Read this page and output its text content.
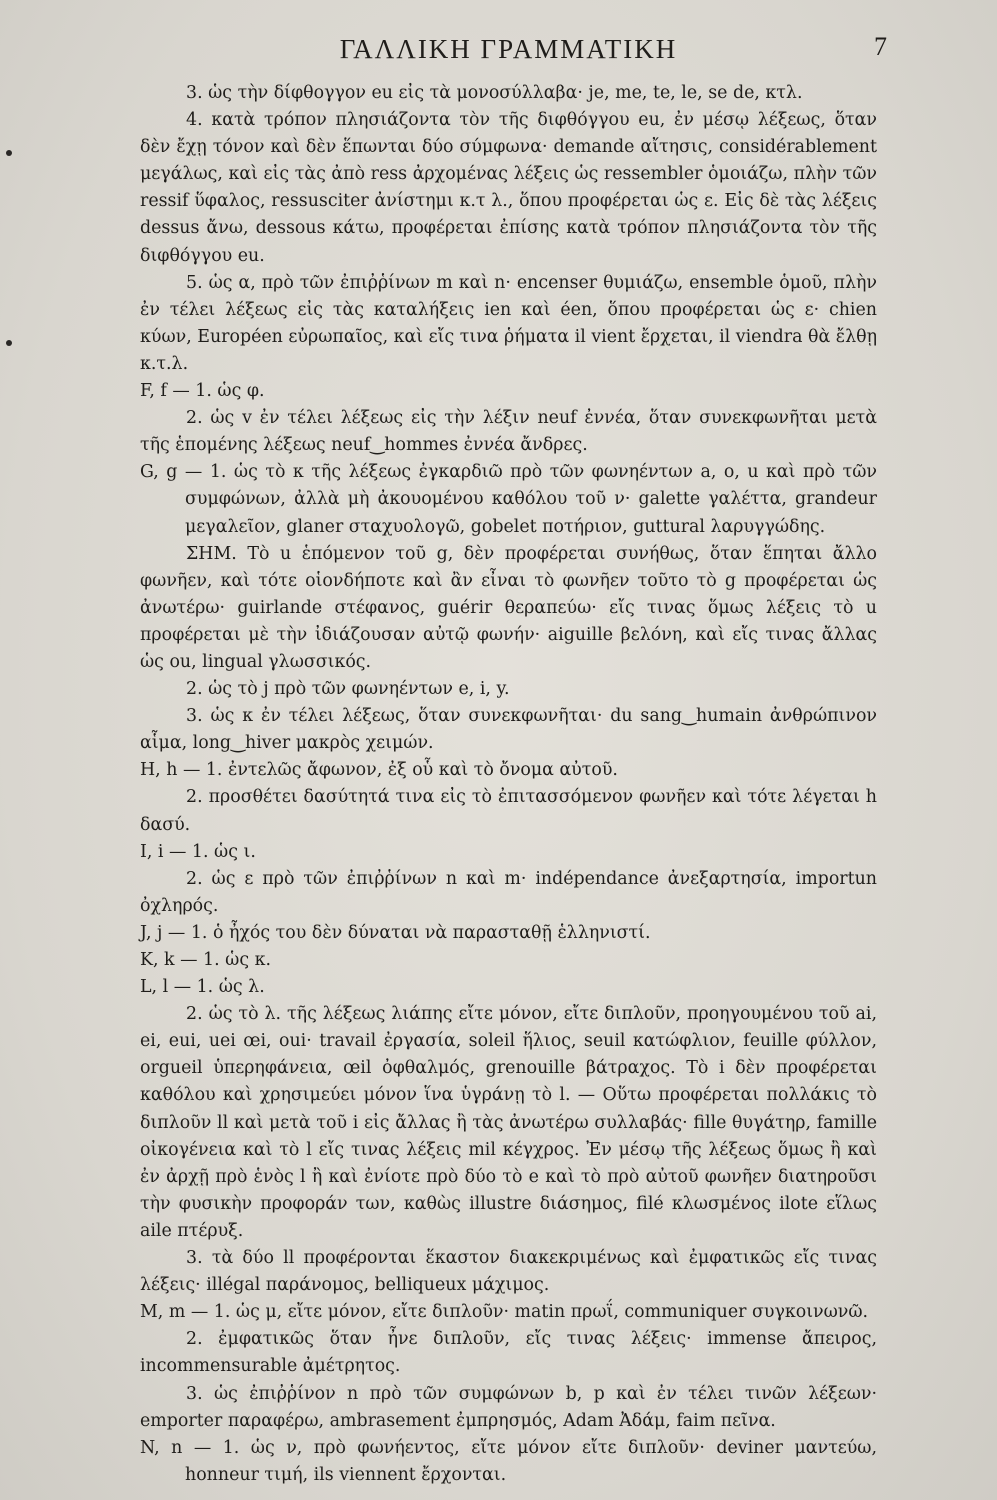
ΓΑΛΛΙΚΗ ΓΡΑΜΜΑΤΙΚΗ	7

3. ὡς τὴν δίφθογγον eu εἰς τὰ μονοσύλλαβα· je, me, te, le, se de, κτλ.

4. κατὰ τρόπον πλησιάζοντα τὸν τῆς διφθόγγου eu, ἐν μέσῳ λέξεως, ὅταν δὲν ἔχῃ τόνον καὶ δὲν ἕπωνται δύο σύμφωνα· demande αἴτησις, considérablement μεγάλως, καὶ εἰς τὰς ἀπὸ ress ἀρχομένας λέξεις ὡς ressembler ὁμοιάζω, πλὴν τῶν ressif ὕφαλος, ressusciter ἀνίστημι κ.τ λ., ὅπου προφέρεται ὡς ε. Εἰς δὲ τὰς λέξεις dessus ἄνω, dessous κάτω, προφέρεται ἐπίσης κατὰ τρόπον πλησιάζοντα τὸν τῆς διφθόγγου eu.

5. ὡς α, πρὸ τῶν ἐπιῤῥίνων m καὶ n· encenser θυμιάζω, ensemble ὁμοῦ, πλὴν ἐν τέλει λέξεως εἰς τὰς καταλήξεις ien καὶ éen, ὅπου προφέρεται ὡς ε· chien κύων, Européen εὐρωπαῖος, καὶ εἴς τινα ῥήματα il vient ἔρχεται, il viendra θὰ ἔλθῃ κ.τ.λ.

F, f — 1. ὡς φ.

2. ὡς v ἐν τέλει λέξεως εἰς τὴν λέξιν neuf ἐννέα, ὅταν συνεκφωνῆται μετὰ τῆς ἑπομένης λέξεως neuf‿hommes ἐννέα ἄνδρες.

G, g — 1. ὡς τὸ κ τῆς λέξεως ἐγκαρδιῶ πρὸ τῶν φωνηέντων a, o, u καὶ πρὸ τῶν συμφώνων, ἀλλὰ μὴ ἀκουομένου καθόλου τοῦ ν· galette γαλέττα, grandeur μεγαλεῖον, glaner σταχυολογῶ, gobelet ποτήριον, guttural λαρυγγώδης.

ΣΗΜ. Τὸ u ἑπόμενον τοῦ g, δὲν προφέρεται συνήθως, ὅταν ἕπηται ἄλλο φωνῆεν, καὶ τότε οἱονδήποτε καὶ ἂν εἶναι τὸ φωνῆεν τοῦτο τὸ g προφέρεται ὡς ἀνωτέρω· guirlande στέφανος, guérir θεραπεύω· εἴς τινας ὅμως λέξεις τὸ u προφέρεται μὲ τὴν ἰδιάζουσαν αὐτῷ φωνήν· aiguille βελόνη, καὶ εἴς τινας ἄλλας ὡς ou, lingual γλωσσικός.

2. ὡς τὸ j πρὸ τῶν φωνηέντων e, i, y.

3. ὡς κ ἐν τέλει λέξεως, ὅταν συνεκφωνῆται· du sang‿humain ἀνθρώπινον αἷμα, long‿hiver μακρὸς χειμών.

H, h — 1. ἐντελῶς ἄφωνον, ἐξ οὗ καὶ τὸ ὄνομα αὐτοῦ.

2. προσθέτει δασύτητά τινα εἰς τὸ ἐπιτασσόμενον φωνῆεν καὶ τότε λέγεται h δασύ.

I, i — 1. ὡς ι.

2. ὡς ε πρὸ τῶν ἐπιῤῥίνων n καὶ m· indépendance ἀνεξαρτησία, importun ὀχληρός.

J, j — 1. ὁ ἦχός του δὲν δύναται νὰ παρασταθῇ ἑλληνιστί.

K, k — 1. ὡς κ.

L, l — 1. ὡς λ.

2. ὡς τὸ λ. τῆς λέξεως λιάπης εἴτε μόνον, εἴτε διπλοῦν, προηγουμένου τοῦ ai, ei, eui, uei œi, oui· travail ἐργασία, soleil ἥλιος, seuil κατώφλιον, feuille φύλλον, orgueil ὑπερηφάνεια, œil ὀφθαλμός, grenouille βάτραχος. Τὸ i δὲν προφέρεται καθόλου καὶ χρησιμεύει μόνον ἵνα ὑγράνῃ τὸ l. — Οὕτω προφέρεται πολλάκις τὸ διπλοῦν ll καὶ μετὰ τοῦ i εἰς ἄλλας ἢ τὰς ἀνωτέρω συλλαβάς· fille θυγάτηρ, famille οἰκογένεια καὶ τὸ l εἴς τινας λέξεις mil κέγχρος. Ἐν μέσῳ τῆς λέξεως ὅμως ἢ καὶ ἐν ἀρχῇ πρὸ ἑνὸς l ἢ καὶ ἐνίοτε πρὸ δύο τὸ e καὶ τὸ πρὸ αὐτοῦ φωνῆεν διατηροῦσι τὴν φυσικὴν προφοράν των, καθὼς illustre διάσημος, filé κλωσμένος ilote εἵλως aile πτέρυξ.

3. τὰ δύο ll προφέρονται ἕκαστον διακεκριμένως καὶ ἐμφατικῶς εἴς τινας λέξεις· illégal παράνομος, belliqueux μάχιμος.

M, m — 1. ὡς μ, εἴτε μόνον, εἴτε διπλοῦν· matin πρωΐ, communiquer συγκοινωνῶ.

2. ἐμφατικῶς ὅταν ἦνε διπλοῦν, εἴς τινας λέξεις· immense ἄπειρος, incommensurable ἀμέτρητος.

3. ὡς ἐπιῤῥίνον n πρὸ τῶν συμφώνων b, p καὶ ἐν τέλει τινῶν λέξεων· emporter παραφέρω, ambrasement ἐμπρησμός, Adam Ἀδάμ, faim πεῖνα.

N, n — 1. ὡς ν, πρὸ φωνήεντος, εἴτε μόνον εἴτε διπλοῦν· deviner μαντεύω, honneur τιμή, ils viennent ἔρχονται.
